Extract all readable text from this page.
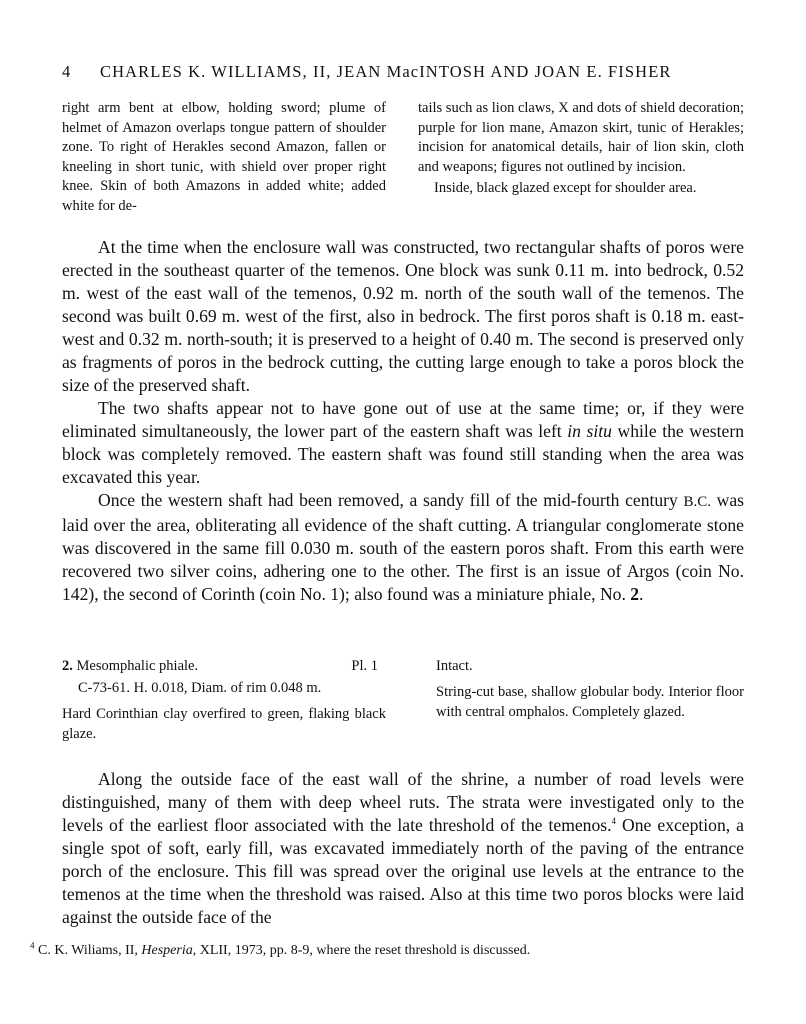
4 CHARLES K. WILLIAMS, II, JEAN MacINTOSH AND JOAN E. FISHER

right arm bent at elbow, holding sword; plume of helmet of Amazon overlaps tongue pattern of shoulder zone. To right of Herakles second Amazon, fallen or kneeling in short tunic, with shield over proper right knee. Skin of both Amazons in added white; added white for de-

tails such as lion claws, X and dots of shield decoration; purple for lion mane, Amazon skirt, tunic of Herakles; incision for anatomical details, hair of lion skin, cloth and weapons; figures not outlined by incision.

Inside, black glazed except for shoulder area.

At the time when the enclosure wall was constructed, two rectangular shafts of poros were erected in the southeast quarter of the temenos. One block was sunk 0.11 m. into bedrock, 0.52 m. west of the east wall of the temenos, 0.92 m. north of the south wall of the temenos. The second was built 0.69 m. west of the first, also in bedrock. The first poros shaft is 0.18 m. east-west and 0.32 m. north-south; it is preserved to a height of 0.40 m. The second is preserved only as fragments of poros in the bedrock cutting, the cutting large enough to take a poros block the size of the preserved shaft.

The two shafts appear not to have gone out of use at the same time; or, if they were eliminated simultaneously, the lower part of the eastern shaft was left in situ while the western block was completely removed. The eastern shaft was found still standing when the area was excavated this year.

Once the western shaft had been removed, a sandy fill of the mid-fourth century B.C. was laid over the area, obliterating all evidence of the shaft cutting. A triangular conglomerate stone was discovered in the same fill 0.030 m. south of the eastern poros shaft. From this earth were recovered two silver coins, adhering one to the other. The first is an issue of Argos (coin No. 142), the second of Corinth (coin No. 1); also found was a miniature phiale, No. 2.

2. Mesomphalic phiale.	Pl. 1

C-73-61. H. 0.018, Diam. of rim 0.048 m.

Hard Corinthian clay overfired to green, flaking black glaze.

Intact.

String-cut base, shallow globular body. Interior floor with central omphalos. Completely glazed.

Along the outside face of the east wall of the shrine, a number of road levels were distinguished, many of them with deep wheel ruts. The strata were investigated only to the levels of the earliest floor associated with the late threshold of the temenos.$^4$ One exception, a single spot of soft, early fill, was excavated immediately north of the paving of the entrance porch of the enclosure. This fill was spread over the original use levels at the entrance to the temenos at the time when the threshold was raised. Also at this time two poros blocks were laid against the outside face of the

$^4$ C. K. Wiliams, II, Hesperia, XLII, 1973, pp. 8-9, where the reset threshold is discussed.
